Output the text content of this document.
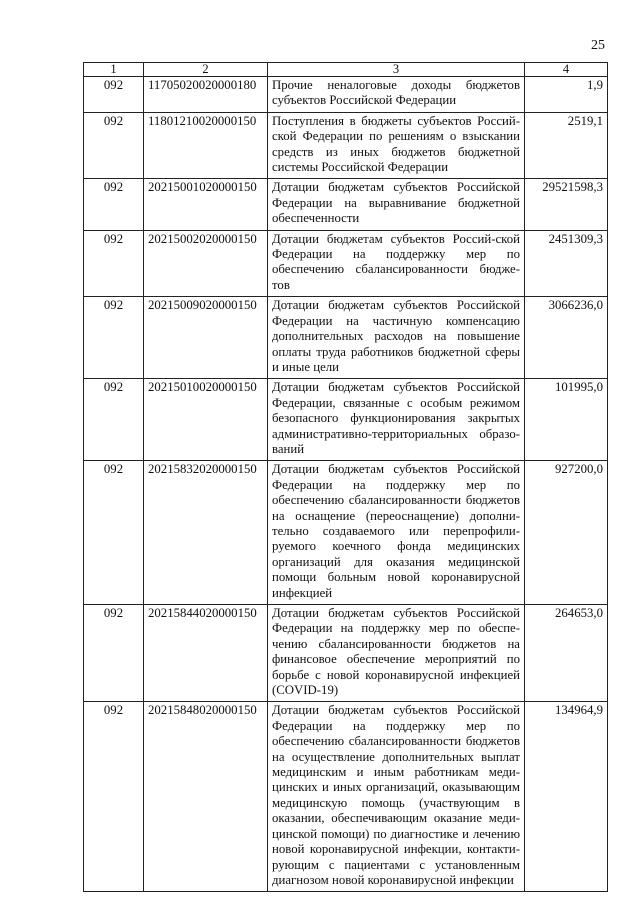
25
1	2	3	4
092	11705020020000180	Прочие неналоговые доходы бюджетов субъектов Российской Федерации	1,9
092	11801210020000150	Поступления в бюджеты субъектов Россий-ской Федерации по решениям о взыскании средств из иных бюджетов бюджетной системы Российской Федерации	2519,1
092	20215001020000150	Дотации бюджетам субъектов Российской Федерации на выравнивание бюджетной обеспеченности	29521598,3
092	20215002020000150	Дотации бюджетам субъектов Россий-ской Федерации на поддержку мер по обеспечению сбалансированности бюдже-тов	2451309,3
092	20215009020000150	Дотации бюджетам субъектов Российской Федерации на частичную компенсацию дополнительных расходов на повышение оплаты труда работников бюджетной сферы и иные цели	3066236,0
092	20215010020000150	Дотации бюджетам субъектов Российской Федерации, связанные с особым режимом безопасного функционирования закрытых административно-территориальных образо-ваний	101995,0
092	20215832020000150	Дотации бюджетам субъектов Российской Федерации на поддержку мер по обеспечению сбалансированности бюджетов на оснащение (переоснащение) дополни-тельно создаваемого или перепрофили-руемого коечного фонда медицинских организаций для оказания медицинской помощи больным новой коронавирусной инфекцией	927200,0
092	20215844020000150	Дотации бюджетам субъектов Российской Федерации на поддержку мер по обеспе-чению сбалансированности бюджетов на финансовое обеспечение мероприятий по борьбе с новой коронавирусной инфекцией (COVID-19)	264653,0
092	20215848020000150	Дотации бюджетам субъектов Российской Федерации на поддержку мер по обеспечению сбалансированности бюджетов на осуществление дополнительных выплат медицинским и иным работникам меди-цинских и иных организаций, оказывающим медицинскую помощь (участвующим в оказании, обеспечивающим оказание меди-цинской помощи) по диагностике и лечению новой коронавирусной инфекции, контакти-рующим с пациентами с установленным диагнозом новой коронавирусной инфекции	134964,9
